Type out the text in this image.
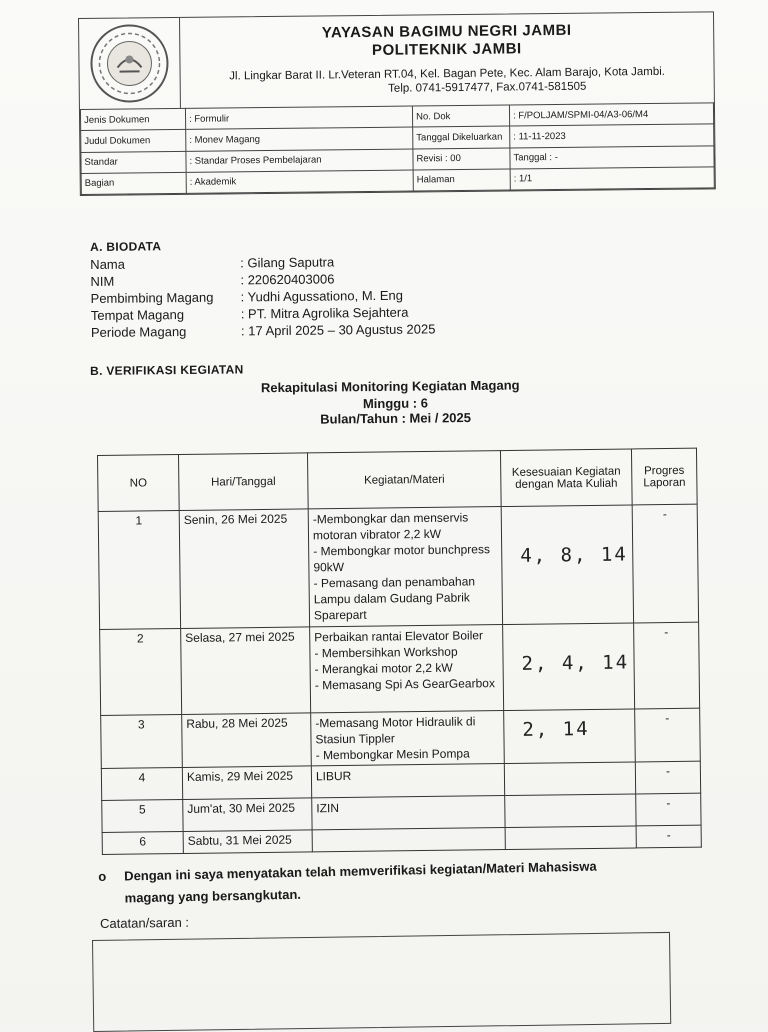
YAYASAN BAGIMU NEGRI JAMBI
POLITEKNIK JAMBI
Jl. Lingkar Barat II. Lr.Veteran RT.04, Kel. Bagan Pete, Kec. Alam Barajo, Kota Jambi.
Telp. 0741-5917477, Fax.0741-581505
Jenis Dokumen	: Formulir	No. Dok	: F/POLJAM/SPMI-04/A3-06/M4
Judul Dokumen	: Monev Magang	Tanggal Dikeluarkan	: 11-11-2023
Standar	: Standar Proses Pembelajaran	Revisi : 00	Tanggal : -
Bagian	: Akademik	Halaman	: 1/1
A. BIODATA
Nama	: Gilang Saputra
NIM	: 220620403006
Pembimbing Magang	: Yudhi Agussationo, M. Eng
Tempat Magang	: PT. Mitra Agrolika Sejahtera
Periode Magang	: 17 April 2025 – 30 Agustus 2025
B. VERIFIKASI KEGIATAN
Rekapitulasi Monitoring Kegiatan Magang
Minggu : 6
Bulan/Tahun : Mei / 2025
NO	Hari/Tanggal	Kegiatan/Materi	Kesesuaian Kegiatan dengan Mata Kuliah	Progres Laporan
1	Senin, 26 Mei 2025	-Membongkar dan menservis motoran vibrator 2,2 kW
- Membongkar motor bunchpress 90kW
- Pemasang dan penambahan Lampu dalam Gudang Pabrik Sparepart	4, 8, 14	-
2	Selasa, 27 mei 2025	Perbaikan rantai Elevator Boiler
- Membersihkan Workshop
- Merangkai motor 2,2 kW
- Memasang Spi As GearGearbox	2, 4, 14	-
3	Rabu, 28 Mei 2025	-Memasang Motor Hidraulik di Stasiun Tippler
- Membongkar Mesin Pompa	2, 14	-
4	Kamis, 29 Mei 2025	LIBUR		-
5	Jum'at, 30 Mei 2025	IZIN		-
6	Sabtu, 31 Mei 2025			-
o Dengan ini saya menyatakan telah memverifikasi kegiatan/Materi Mahasiswa
magang yang bersangkutan.
Catatan/saran :
